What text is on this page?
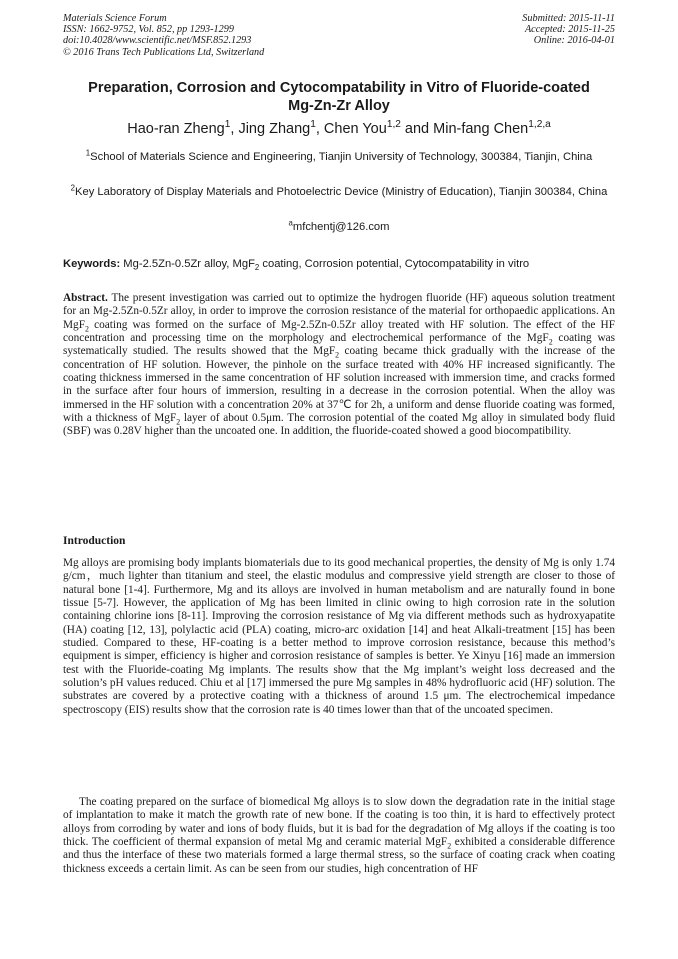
Materials Science Forum
ISSN: 1662-9752, Vol. 852, pp 1293-1299
doi:10.4028/www.scientific.net/MSF.852.1293
© 2016 Trans Tech Publications Ltd, Switzerland
Submitted: 2015-11-11
Accepted: 2015-11-25
Online: 2016-04-01
Preparation, Corrosion and Cytocompatability in Vitro of Fluoride-coated
Mg-Zn-Zr Alloy
Hao-ran Zheng$^1$, Jing Zhang$^1$, Chen You$^{1,2}$ and Min-fang Chen$^{1,2,a}$
$^1$School of Materials Science and Engineering, Tianjin University of Technology, 300384, Tianjin, China
$^2$Key Laboratory of Display Materials and Photoelectric Device (Ministry of Education), Tianjin 300384, China
$^a$mfchentj@126.com
Keywords: Mg-2.5Zn-0.5Zr alloy, MgF$_2$ coating, Corrosion potential, Cytocompatability in vitro
Abstract. The present investigation was carried out to optimize the hydrogen fluoride (HF) aqueous solution treatment for an Mg-2.5Zn-0.5Zr alloy, in order to improve the corrosion resistance of the material for orthopaedic applications. An MgF$_2$ coating was formed on the surface of Mg-2.5Zn-0.5Zr alloy treated with HF solution. The effect of the HF concentration and processing time on the morphology and electrochemical performance of the MgF$_2$ coating was systematically studied. The results showed that the MgF$_2$ coating became thick gradually with the increase of the concentration of HF solution. However, the pinhole on the surface treated with 40% HF increased significantly. The coating thickness immersed in the same concentration of HF solution increased with immersion time, and cracks formed in the surface after four hours of immersion, resulting in a decrease in the corrosion potential. When the alloy was immersed in the HF solution with a concentration 20% at 37℃ for 2h, a uniform and dense fluoride coating was formed, with a thickness of MgF$_2$ layer of about 0.5μm. The corrosion potential of the coated Mg alloy in simulated body fluid (SBF) was 0.28V higher than the uncoated one. In addition, the fluoride-coated showed a good biocompatibility.
Introduction
Mg alloys are promising body implants biomaterials due to its good mechanical properties, the density of Mg is only 1.74 g/cm，much lighter than titanium and steel, the elastic modulus and compressive yield strength are closer to those of natural bone [1-4]. Furthermore, Mg and its alloys are involved in human metabolism and are naturally found in bone tissue [5-7]. However, the application of Mg has been limited in clinic owing to high corrosion rate in the solution containing chlorine ions [8-11]. Improving the corrosion resistance of Mg via different methods such as hydroxyapatite (HA) coating [12, 13], polylactic acid (PLA) coating, micro-arc oxidation [14] and heat Alkali-treatment [15] has been studied. Compared to these, HF-coating is a better method to improve corrosion resistance, because this method’s equipment is simper, efficiency is higher and corrosion resistance of samples is better. Ye Xinyu [16] made an immersion test with the Fluoride-coating Mg implants. The results show that the Mg implant’s weight loss decreased and the solution’s pH values reduced. Chiu et al [17] immersed the pure Mg samples in 48% hydrofluoric acid (HF) solution. The substrates are covered by a protective coating with a thickness of around 1.5 μm. The electrochemical impedance spectroscopy (EIS) results show that the corrosion rate is 40 times lower than that of the uncoated specimen.
The coating prepared on the surface of biomedical Mg alloys is to slow down the degradation rate in the initial stage of implantation to make it match the growth rate of new bone. If the coating is too thin, it is hard to effectively protect alloys from corroding by water and ions of body fluids, but it is bad for the degradation of Mg alloys if the coating is too thick. The coefficient of thermal expansion of metal Mg and ceramic material MgF$_2$ exhibited a considerable difference and thus the interface of these two materials formed a large thermal stress, so the surface of coating crack when coating thickness exceeds a certain limit. As can be seen from our studies, high concentration of HF
